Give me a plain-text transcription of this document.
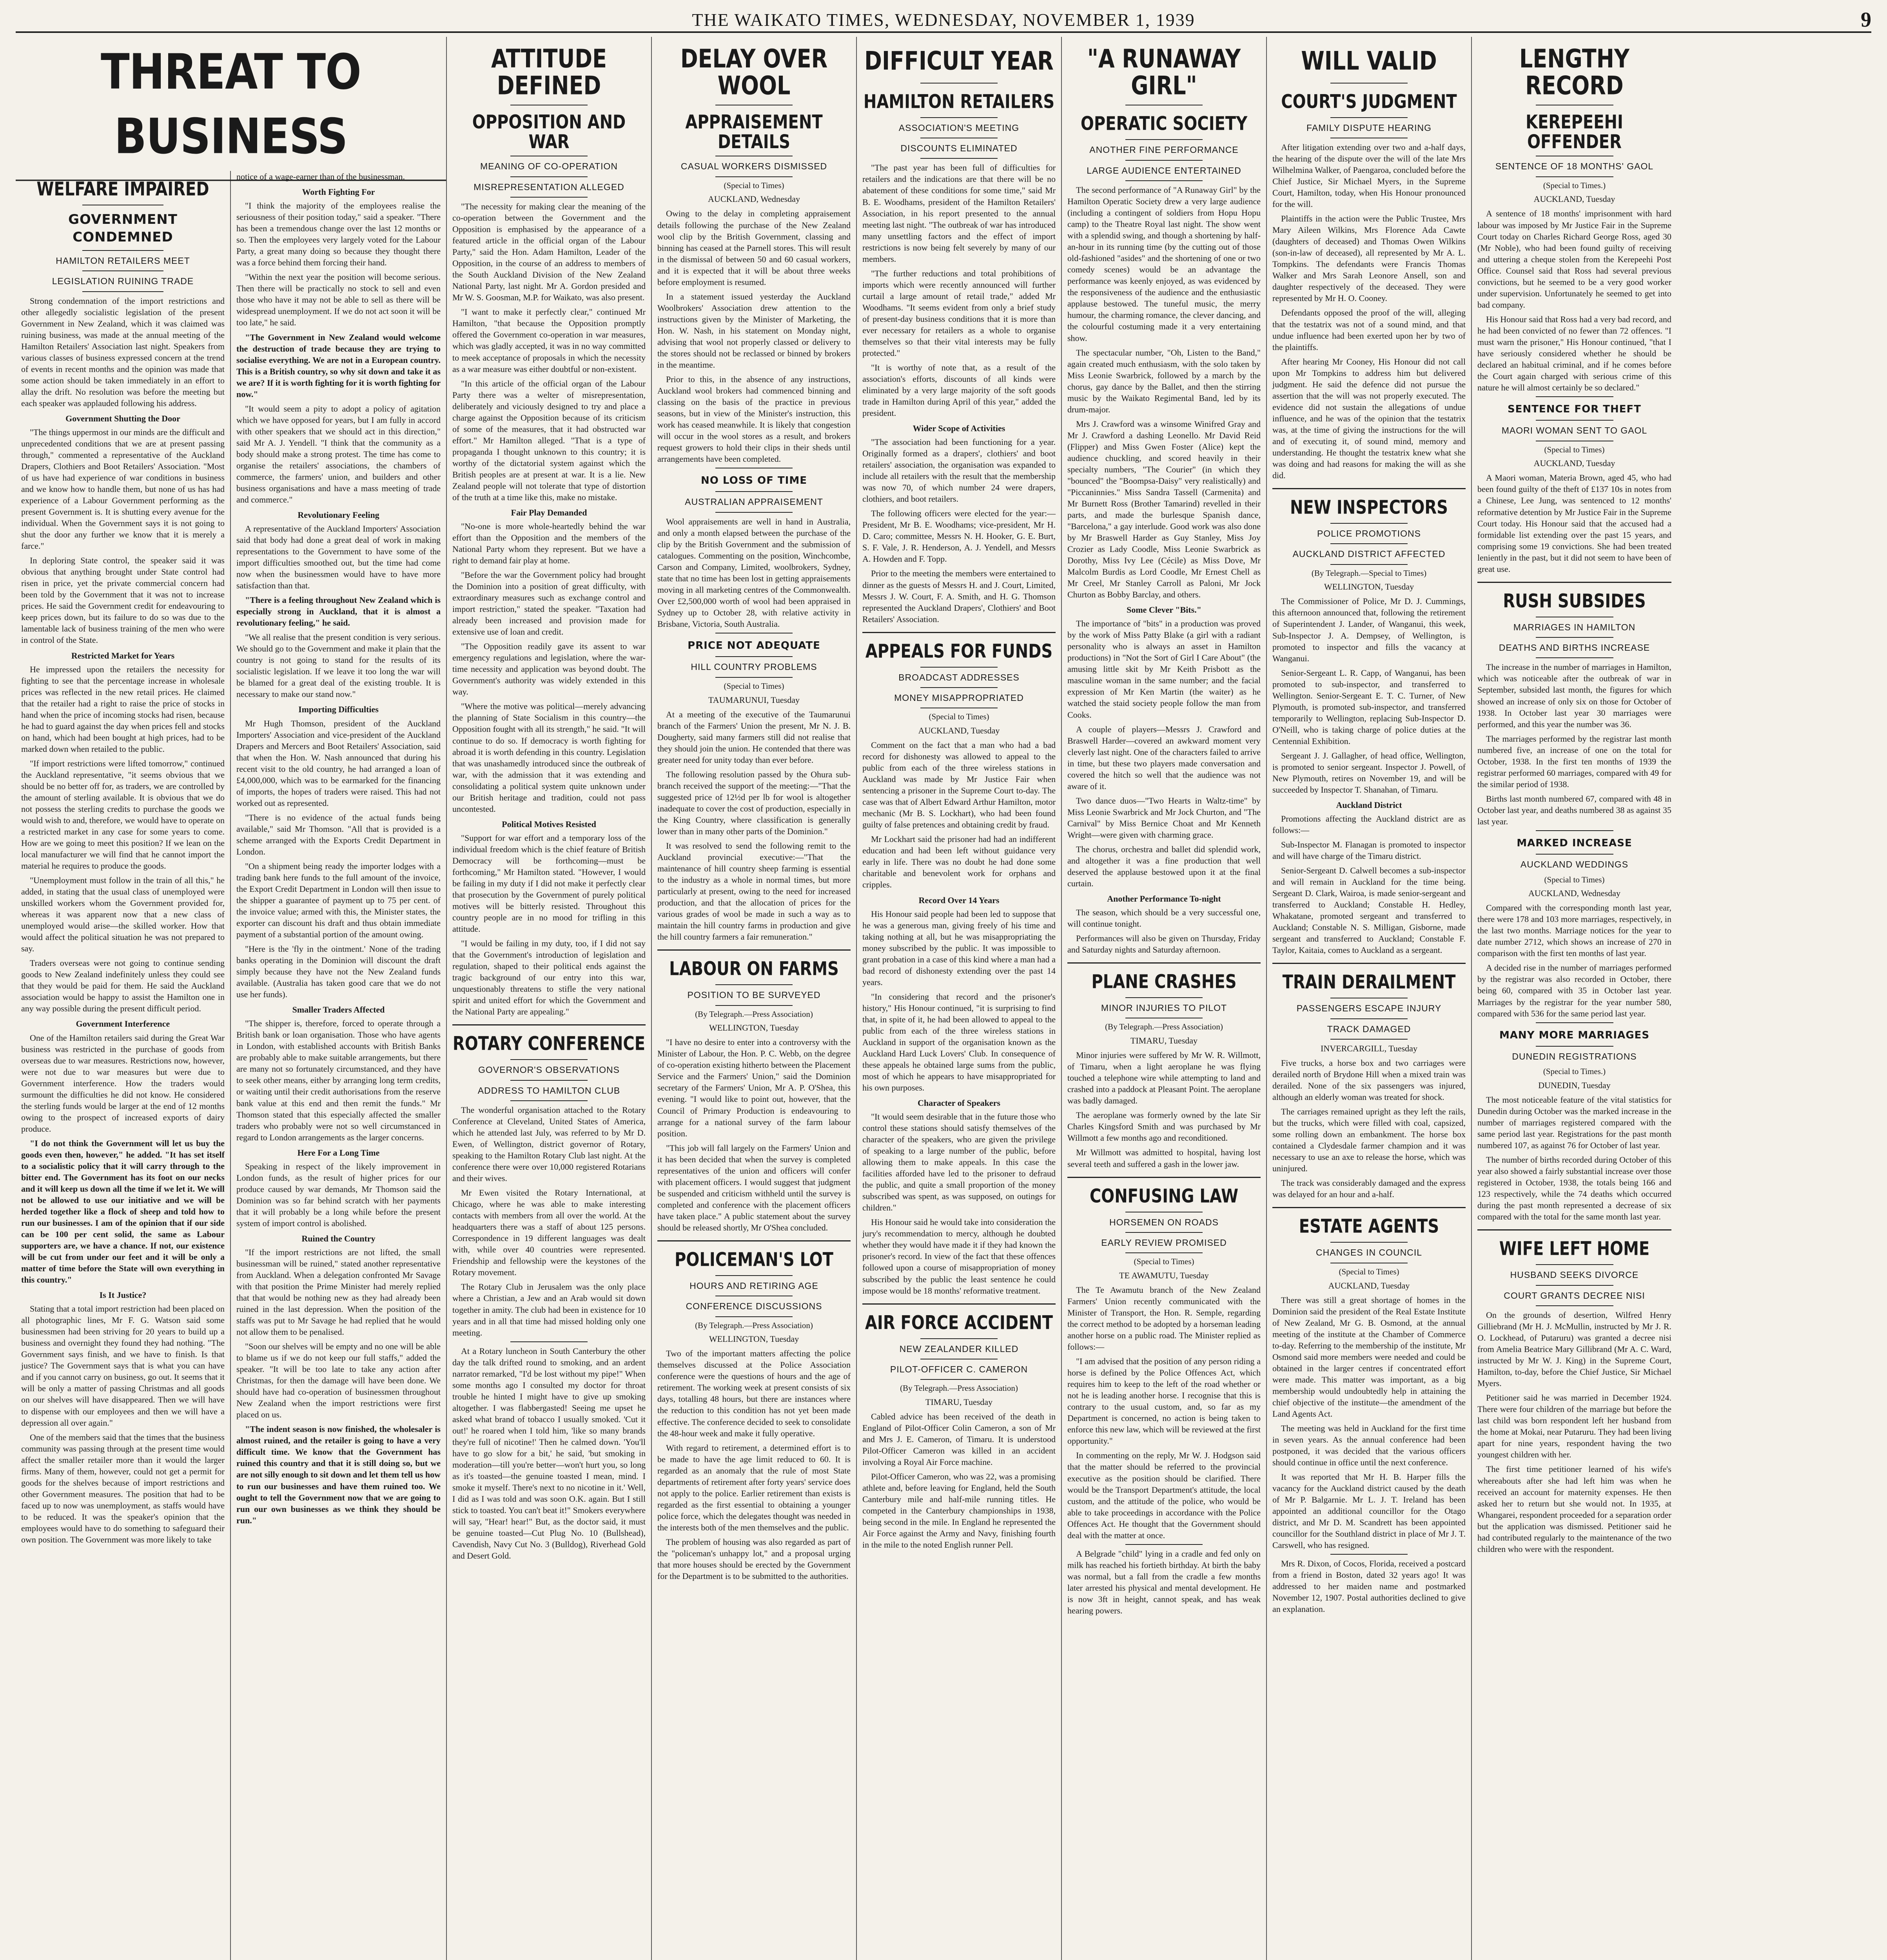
THE WAIKATO TIMES, WEDNESDAY, NOVEMBER 1, 1939	9
THREAT TO BUSINESS
WELFARE IMPAIRED
GOVERNMENT CONDEMNED
HAMILTON RETAILERS MEET
LEGISLATION RUINING TRADE

Strong condemnation of the import restrictions and other allegedly socialistic legislation of the present Government in New Zealand, which it was claimed was ruining business, was made at the annual meeting of the Hamilton Retailers' Association last night. Speakers from various classes of business expressed concern at the trend of events in recent months and the opinion was made that some action should be taken immediately in an effort to allay the drift. No resolution was before the meeting but each speaker was applauded following his address.

Government Shutting the Door

"The things uppermost in our minds are the difficult and unprecedented conditions that we are at present passing through," commented a representative of the Auckland Drapers, Clothiers and Boot Retailers' Association. "Most of us have had experience of war conditions in business and we know how to handle them, but none of us has had experience of a Labour Government performing as the present Government is. It is shutting every avenue for the individual. When the Government says it is not going to shut the door any further we know that it is merely a farce."

In deploring State control, the speaker said it was obvious that anything brought under State control had risen in price, yet the private commercial concern had been told by the Government that it was not to increase prices. He said the Government credit for endeavouring to keep prices down, but its failure to do so was due to the lamentable lack of business training of the men who were in control of the State.

Restricted Market for Years

He impressed upon the retailers the necessity for fighting to see that the percentage increase in wholesale prices was reflected in the new retail prices. He claimed that the retailer had a right to raise the price of stocks in hand when the price of incoming stocks had risen, because he had to guard against the day when prices fell and stocks on hand, which had been bought at high prices, had to be marked down when retailed to the public.

"If import restrictions were lifted tomorrow," continued the Auckland representative, "it seems obvious that we should be no better off for, as traders, we are controlled by the amount of sterling available. It is obvious that we do not possess the sterling credits to purchase the goods we would wish to and, therefore, we would have to operate on a restricted market in any case for some years to come. How are we going to meet this position? If we lean on the local manufacturer we will find that he cannot import the material he requires to produce the goods.

"Unemployment must follow in the train of all this," he added, in stating that the usual class of unemployed were unskilled workers whom the Government provided for, whereas it was apparent now that a new class of unemployed would arise—the skilled worker. How that would affect the political situation he was not prepared to say.

Traders overseas were not going to continue sending goods to New Zealand indefinitely unless they could see that they would be paid for them. He said the Auckland association would be happy to assist the Hamilton one in any way possible during the present difficult period.

Government Interference

One of the Hamilton retailers said during the Great War business was restricted in the purchase of goods from overseas due to war measures. Restrictions now, however, were not due to war measures but were due to Government interference. How the traders would surmount the difficulties he did not know. He considered the sterling funds would be larger at the end of 12 months owing to the prospect of increased exports of dairy produce.

"I do not think the Government will let us buy the goods even then, however," he added. "It has set itself to a socialistic policy that it will carry through to the bitter end. The Government has its foot on our necks and it will keep us down all the time if we let it. We will not be allowed to use our initiative and we will be herded together like a flock of sheep and told how to run our businesses. I am of the opinion that if our side can be 100 per cent solid, the same as Labour supporters are, we have a chance. If not, our existence will be cut from under our feet and it will be only a matter of time before the State will own everything in this country."

Is It Justice?

Stating that a total import restriction had been placed on all photographic lines, Mr F. G. Watson said some businessmen had been striving for 20 years to build up a business and overnight they found they had nothing. "The Government says finish, and we have to finish. Is that justice? The Government says that is what you can have and if you cannot carry on business, go out. It seems that it will be only a matter of passing Christmas and all goods on our shelves will have disappeared. Then we will have to dispense with our employees and then we will have a depression all over again."

One of the members said that the times that the business community was passing through at the present time would affect the smaller retailer more than it would the larger firms. Many of them, however, could not get a permit for goods for the shelves because of import restrictions and other Government measures. The position that had to be faced up to now was unemployment, as staffs would have to be reduced. It was the speaker's opinion that the employees would have to do something to safeguard their own position. The Government was more likely to take

notice of a wage-earner than of the businessman.

Worth Fighting For

"I think the majority of the employees realise the seriousness of their position today," said a speaker. "There has been a tremendous change over the last 12 months or so. Then the employees very largely voted for the Labour Party, a great many doing so because they thought there was a force behind them forcing their hand.

"Within the next year the position will become serious. Then there will be practically no stock to sell and even those who have it may not be able to sell as there will be widespread unemployment. If we do not act soon it will be too late," he said.

"The Government in New Zealand would welcome the destruction of trade because they are trying to socialise everything. We are not in a European country. This is a British country, so why sit down and take it as we are? If it is worth fighting for it is worth fighting for now."

"It would seem a pity to adopt a policy of agitation which we have opposed for years, but I am fully in accord with other speakers that we should act in this direction," said Mr A. J. Yendell. "I think that the community as a body should make a strong protest. The time has come to organise the retailers' associations, the chambers of commerce, the farmers' union, and builders and other business organisations and have a mass meeting of trade and commerce."

Revolutionary Feeling

A representative of the Auckland Importers' Association said that body had done a great deal of work in making representations to the Government to have some of the import difficulties smoothed out, but the time had come now when the businessmen would have to have more satisfaction than that.

"There is a feeling throughout New Zealand which is especially strong in Auckland, that it is almost a revolutionary feeling," he said.

"We all realise that the present condition is very serious. We should go to the Government and make it plain that the country is not going to stand for the results of its socialistic legislation. If we leave it too long the war will be blamed for a great deal of the existing trouble. It is necessary to make our stand now."

Importing Difficulties

Mr Hugh Thomson, president of the Auckland Importers' Association and vice-president of the Auckland Drapers and Mercers and Boot Retailers' Association, said that when the Hon. W. Nash announced that during his recent visit to the old country, he had arranged a loan of £4,000,000, which was to be earmarked for the financing of imports, the hopes of traders were raised. This had not worked out as represented.

"There is no evidence of the actual funds being available," said Mr Thomson. "All that is provided is a scheme arranged with the Exports Credit Department in London.

"On a shipment being ready the importer lodges with a trading bank here funds to the full amount of the invoice, the Export Credit Department in London will then issue to the shipper a guarantee of payment up to 75 per cent. of the invoice value; armed with this, the Minister states, the exporter can discount his draft and thus obtain immediate payment of a substantial portion of the amount owing.

"Here is the 'fly in the ointment.' None of the trading banks operating in the Dominion will discount the draft simply because they have not the New Zealand funds available. (Australia has taken good care that we do not use her funds).

Smaller Traders Affected

"The shipper is, therefore, forced to operate through a British bank or loan organisation. Those who have agents in London, with established accounts with British Banks are probably able to make suitable arrangements, but there are many not so fortunately circumstanced, and they have to seek other means, either by arranging long term credits, or waiting until their credit authorisations from the reserve bank value at this end and then remit the funds." Mr Thomson stated that this especially affected the smaller traders who probably were not so well circumstanced in regard to London arrangements as the larger concerns.

Here For a Long Time

Speaking in respect of the likely improvement in London funds, as the result of higher prices for our produce caused by war demands, Mr Thomson said the Dominion was so far behind scratch with her payments that it will probably be a long while before the present system of import control is abolished.

Ruined the Country

"If the import restrictions are not lifted, the small businessman will be ruined," stated another representative from Auckland. When a delegation confronted Mr Savage with that position the Prime Minister had merely replied that that would be nothing new as they had already been ruined in the last depression. When the position of the staffs was put to Mr Savage he had replied that he would not allow them to be penalised.

"Soon our shelves will be empty and no one will be able to blame us if we do not keep our full staffs," added the speaker. "It will be too late to take any action after Christmas, for then the damage will have been done. We should have had co-operation of businessmen throughout New Zealand when the import restrictions were first placed on us.

"The indent season is now finished, the wholesaler is almost ruined, and the retailer is going to have a very difficult time. We know that the Government has ruined this country and that it is still doing so, but we are not silly enough to sit down and let them tell us how to run our businesses and have them ruined too. We ought to tell the Government now that we are going to run our own businesses as we think they should be run."

ATTITUDE DEFINED
OPPOSITION AND WAR
MEANING OF CO-OPERATION
MISREPRESENTATION ALLEGED

"The necessity for making clear the meaning of the co-operation between the Government and the Opposition is emphasised by the appearance of a featured article in the official organ of the Labour Party," said the Hon. Adam Hamilton, Leader of the Opposition, in the course of an address to members of the South Auckland Division of the New Zealand National Party, last night. Mr A. Gordon presided and Mr W. S. Goosman, M.P. for Waikato, was also present.

"I want to make it perfectly clear," continued Mr Hamilton, "that because the Opposition promptly offered the Government co-operation in war measures, which was gladly accepted, it was in no way committed to meek acceptance of proposals in which the necessity as a war measure was either doubtful or non-existent.

"In this article of the official organ of the Labour Party there was a welter of misrepresentation, deliberately and viciously designed to try and place a charge against the Opposition because of its criticism of some of the measures, that it had obstructed war effort." Mr Hamilton alleged. "That is a type of propaganda I thought unknown to this country; it is worthy of the dictatorial system against which the British peoples are at present at war. It is a lie. New Zealand people will not tolerate that type of distortion of the truth at a time like this, make no mistake.

Fair Play Demanded

"No-one is more whole-heartedly behind the war effort than the Opposition and the members of the National Party whom they represent. But we have a right to demand fair play at home.

"Before the war the Government policy had brought the Dominion into a position of great difficulty, with extraordinary measures such as exchange control and import restriction," stated the speaker. "Taxation had already been increased and provision made for extensive use of loan and credit.

"The Opposition readily gave its assent to war emergency regulations and legislation, where the war-time necessity and application was beyond doubt. The Government's authority was widely extended in this way.

"Where the motive was political—merely advancing the planning of State Socialism in this country—the Opposition fought with all its strength," he said. "It will continue to do so. If democracy is worth fighting for abroad it is worth defending in this country. Legislation that was unashamedly introduced since the outbreak of war, with the admission that it was extending and consolidating a political system quite unknown under our British heritage and tradition, could not pass uncontested.

Political Motives Resisted

"Support for war effort and a temporary loss of the individual freedom which is the chief feature of British Democracy will be forthcoming—must be forthcoming," Mr Hamilton stated. "However, I would be failing in my duty if I did not make it perfectly clear that prosecution by the Government of purely political motives will be bitterly resisted. Throughout this country people are in no mood for trifling in this attitude.

"I would be failing in my duty, too, if I did not say that the Government's introduction of legislation and regulation, shaped to their political ends against the tragic background of our entry into this war, unquestionably threatens to stifle the very national spirit and united effort for which the Government and the National Party are appealing."

ROTARY CONFERENCE
GOVERNOR'S OBSERVATIONS
ADDRESS TO HAMILTON CLUB

The wonderful organisation attached to the Rotary Conference at Cleveland, United States of America, which he attended last July, was referred to by Mr D. Ewen, of Wellington, district governor of Rotary, speaking to the Hamilton Rotary Club last night. At the conference there were over 10,000 registered Rotarians and their wives.

Mr Ewen visited the Rotary International, at Chicago, where he was able to make interesting contacts with members from all over the world. At the headquarters there was a staff of about 125 persons. Correspondence in 19 different languages was dealt with, while over 40 countries were represented. Friendship and fellowship were the keystones of the Rotary movement.

The Rotary Club in Jerusalem was the only place where a Christian, a Jew and an Arab would sit down together in amity. The club had been in existence for 10 years and in all that time had missed holding only one meeting.

At a Rotary luncheon in South Canterbury the other day the talk drifted round to smoking, and an ardent narrator remarked, "I'd be lost without my pipe!" When some months ago I consulted my doctor for throat trouble he hinted I might have to give up smoking altogether. I was flabbergasted! Seeing me upset he asked what brand of tobacco I usually smoked. 'Cut it out!' he roared when I told him, 'like so many brands they're full of nicotine!' Then he calmed down. 'You'll have to go slow for a bit,' he said, 'but smoking in moderation—till you're better—won't hurt you, so long as it's toasted—the genuine toasted I mean, mind. I smoke it myself. There's next to no nicotine in it.' Well, I did as I was told and was soon O.K. again. But I still stick to toasted. You can't beat it!" Smokers everywhere will say, "Hear! hear!" But, as the doctor said, it must be genuine toasted—Cut Plug No. 10 (Bullshead), Cavendish, Navy Cut No. 3 (Bulldog), Riverhead Gold and Desert Gold.

DELAY OVER WOOL
APPRAISEMENT DETAILS
CASUAL WORKERS DISMISSED
(Special to Times)
AUCKLAND, Wednesday

Owing to the delay in completing appraisement details following the purchase of the New Zealand wool clip by the British Government, classing and binning has ceased at the Parnell stores. This will result in the dismissal of between 50 and 60 casual workers, and it is expected that it will be about three weeks before employment is resumed.

In a statement issued yesterday the Auckland Woolbrokers' Association drew attention to the instructions given by the Minister of Marketing, the Hon. W. Nash, in his statement on Monday night, advising that wool not properly classed or delivery to the stores should not be reclassed or binned by brokers in the meantime.

Prior to this, in the absence of any instructions, Auckland wool brokers had commenced binning and classing on the basis of the practice in previous seasons, but in view of the Minister's instruction, this work has ceased meanwhile. It is likely that congestion will occur in the wool stores as a result, and brokers request growers to hold their clips in their sheds until arrangements have been completed.

NO LOSS OF TIME
AUSTRALIAN APPRAISEMENT

Wool appraisements are well in hand in Australia, and only a month elapsed between the purchase of the clip by the British Government and the submission of catalogues. Commenting on the position, Winchcombe, Carson and Company, Limited, woolbrokers, Sydney, state that no time has been lost in getting appraisements moving in all marketing centres of the Commonwealth. Over £2,500,000 worth of wool had been appraised in Sydney up to October 28, with relative activity in Brisbane, Victoria, South Australia.

PRICE NOT ADEQUATE
HILL COUNTRY PROBLEMS
(Special to Times)
TAUMARUNUI, Tuesday

At a meeting of the executive of the Taumarunui branch of the Farmers' Union the present, Mr N. J. B. Dougherty, said many farmers still did not realise that they should join the union. He contended that there was greater need for unity today than ever before.

The following resolution passed by the Ohura sub-branch received the support of the meeting:—"That the suggested price of 12½d per lb for wool is altogether inadequate to cover the cost of production, especially in the King Country, where classification is generally lower than in many other parts of the Dominion."

It was resolved to send the following remit to the Auckland provincial executive:—"That the maintenance of hill country sheep farming is essential to the industry as a whole in normal times, but more particularly at present, owing to the need for increased production, and that the allocation of prices for the various grades of wool be made in such a way as to maintain the hill country farms in production and give the hill country farmers a fair remuneration."

LABOUR ON FARMS
POSITION TO BE SURVEYED
(By Telegraph.—Press Association)
WELLINGTON, Tuesday

"I have no desire to enter into a controversy with the Minister of Labour, the Hon. P. C. Webb, on the degree of co-operation existing hitherto between the Placement Service and the Farmers' Union," said the Dominion secretary of the Farmers' Union, Mr A. P. O'Shea, this evening. "I would like to point out, however, that the Council of Primary Production is endeavouring to arrange for a national survey of the farm labour position.

"This job will fall largely on the Farmers' Union and it has been decided that when the survey is completed representatives of the union and officers will confer with placement officers. I would suggest that judgment be suspended and criticism withheld until the survey is completed and conference with the placement officers have taken place." A public statement about the survey should be released shortly, Mr O'Shea concluded.

POLICEMAN'S LOT
HOURS AND RETIRING AGE
CONFERENCE DISCUSSIONS
(By Telegraph.—Press Association)
WELLINGTON, Tuesday

Two of the important matters affecting the police themselves discussed at the Police Association conference were the questions of hours and the age of retirement. The working week at present consists of six days, totalling 48 hours, but there are instances where the reduction to this condition has not yet been made effective. The conference decided to seek to consolidate the 48-hour week and make it fully operative.

With regard to retirement, a determined effort is to be made to have the age limit reduced to 60. It is regarded as an anomaly that the rule of most State departments of retirement after forty years' service does not apply to the police. Earlier retirement than exists is regarded as the first essential to obtaining a younger police force, which the delegates thought was needed in the interests both of the men themselves and the public.

The problem of housing was also regarded as part of the "policeman's unhappy lot," and a proposal urging that more houses should be erected by the Government for the Department is to be submitted to the authorities.

DIFFICULT YEAR
HAMILTON RETAILERS
ASSOCIATION'S MEETING
DISCOUNTS ELIMINATED

"The past year has been full of difficulties for retailers and the indications are that there will be no abatement of these conditions for some time," said Mr B. E. Woodhams, president of the Hamilton Retailers' Association, in his report presented to the annual meeting last night. "The outbreak of war has introduced many unsettling factors and the effect of import restrictions is now being felt severely by many of our members.

"The further reductions and total prohibitions of imports which were recently announced will further curtail a large amount of retail trade," added Mr Woodhams. "It seems evident from only a brief study of present-day business conditions that it is more than ever necessary for retailers as a whole to organise themselves so that their vital interests may be fully protected."

"It is worthy of note that, as a result of the association's efforts, discounts of all kinds were eliminated by a very large majority of the soft goods trade in Hamilton during April of this year," added the president.

Wider Scope of Activities

"The association had been functioning for a year. Originally formed as a drapers', clothiers' and boot retailers' association, the organisation was expanded to include all retailers with the result that the membership was now 70, of which number 24 were drapers, clothiers, and boot retailers.

The following officers were elected for the year:—President, Mr B. E. Woodhams; vice-president, Mr H. D. Caro; committee, Messrs N. H. Hooker, G. E. Burt, S. F. Vale, J. R. Henderson, A. J. Yendell, and Messrs A. Howden and F. Topp.

Prior to the meeting the members were entertained to dinner as the guests of Messrs H. and J. Court, Limited, Messrs J. W. Court, F. A. Smith, and H. G. Thomson represented the Auckland Drapers', Clothiers' and Boot Retailers' Association.

APPEALS FOR FUNDS
BROADCAST ADDRESSES
MONEY MISAPPROPRIATED
(Special to Times)
AUCKLAND, Tuesday

Comment on the fact that a man who had a bad record for dishonesty was allowed to appeal to the public from each of the three wireless stations in Auckland was made by Mr Justice Fair when sentencing a prisoner in the Supreme Court to-day. The case was that of Albert Edward Arthur Hamilton, motor mechanic (Mr B. S. Lockhart), who had been found guilty of false pretences and obtaining credit by fraud.

Mr Lockhart said the prisoner had had an indifferent education and had been left without guidance very early in life. There was no doubt he had done some charitable and benevolent work for orphans and cripples.

Record Over 14 Years

His Honour said people had been led to suppose that he was a generous man, giving freely of his time and taking nothing at all, but he was misappropriating the money subscribed by the public. It was impossible to grant probation in a case of this kind where a man had a bad record of dishonesty extending over the past 14 years.

"In considering that record and the prisoner's history," His Honour continued, "it is surprising to find that, in spite of it, he had been allowed to appeal to the public from each of the three wireless stations in Auckland in support of the organisation known as the Auckland Hard Luck Lovers' Club. In consequence of these appeals he obtained large sums from the public, most of which he appears to have misappropriated for his own purposes.

Character of Speakers

"It would seem desirable that in the future those who control these stations should satisfy themselves of the character of the speakers, who are given the privilege of speaking to a large number of the public, before allowing them to make appeals. In this case the facilities afforded have led to the prisoner to defraud the public, and quite a small proportion of the money subscribed was spent, as was supposed, on outings for children."

His Honour said he would take into consideration the jury's recommendation to mercy, although he doubted whether they would have made it if they had known the prisoner's record. In view of the fact that these offences followed upon a course of misappropriation of money subscribed by the public the least sentence he could impose would be 18 months' reformative treatment.

AIR FORCE ACCIDENT
NEW ZEALANDER KILLED
PILOT-OFFICER C. CAMERON
(By Telegraph.—Press Association)
TIMARU, Tuesday

Cabled advice has been received of the death in England of Pilot-Officer Colin Cameron, a son of Mr and Mrs J. E. Cameron, of Timaru. It is understood Pilot-Officer Cameron was killed in an accident involving a Royal Air Force machine.

Pilot-Officer Cameron, who was 22, was a promising athlete and, before leaving for England, held the South Canterbury mile and half-mile running titles. He competed in the Canterbury championships in 1938, being second in the mile. In England he represented the Air Force against the Army and Navy, finishing fourth in the mile to the noted English runner Pell.

"A RUNAWAY GIRL"
OPERATIC SOCIETY
ANOTHER FINE PERFORMANCE
LARGE AUDIENCE ENTERTAINED

The second performance of "A Runaway Girl" by the Hamilton Operatic Society drew a very large audience (including a contingent of soldiers from Hopu Hopu camp) to the Theatre Royal last night. The show went with a splendid swing, and though a shortening by half-an-hour in its running time (by the cutting out of those old-fashioned "asides" and the shortening of one or two comedy scenes) would be an advantage the performance was keenly enjoyed, as was evidenced by the responsiveness of the audience and the enthusiastic applause bestowed. The tuneful music, the merry humour, the charming romance, the clever dancing, and the colourful costuming made it a very entertaining show.

The spectacular number, "Oh, Listen to the Band," again created much enthusiasm, with the solo taken by Miss Leonie Swarbrick, followed by a march by the chorus, gay dance by the Ballet, and then the stirring music by the Waikato Regimental Band, led by its drum-major.

Mrs J. Crawford was a winsome Winifred Gray and Mr J. Crawford a dashing Leonello. Mr David Reid (Flipper) and Miss Gwen Foster (Alice) kept the audience chuckling, and scored heavily in their specialty numbers, "The Courier" (in which they "bounced" the "Boompsa-Daisy" very realistically) and "Piccaninnies." Miss Sandra Tassell (Carmenita) and Mr Burnett Ross (Brother Tamarind) revelled in their parts, and made the burlesque Spanish dance, "Barcelona," a gay interlude. Good work was also done by Mr Braswell Harder as Guy Stanley, Miss Joy Crozier as Lady Coodle, Miss Leonie Swarbrick as Dorothy, Miss Ivy Lee (Cécile) as Miss Dove, Mr Malcolm Burdis as Lord Coodle, Mr Ernest Chell as Mr Creel, Mr Stanley Carroll as Paloni, Mr Jock Churton as Bobby Barclay, and others.

Some Clever "Bits."

The importance of "bits" in a production was proved by the work of Miss Patty Blake (a girl with a radiant personality who is always an asset in Hamilton productions) in "Not the Sort of Girl I Care About" (the amusing little skit by Mr Keith Prisbott as the masculine woman in the same number; and the facial expression of Mr Ken Martin (the waiter) as he watched the staid society people follow the man from Cooks.

A couple of players—Messrs J. Crawford and Braswell Harder—covered an awkward moment very cleverly last night. One of the characters failed to arrive in time, but these two players made conversation and covered the hitch so well that the audience was not aware of it.

Two dance duos—"Two Hearts in Waltz-time" by Miss Leonie Swarbrick and Mr Jock Churton, and "The Carnival" by Miss Bernice Choat and Mr Kenneth Wright—were given with charming grace.

The chorus, orchestra and ballet did splendid work, and altogether it was a fine production that well deserved the applause bestowed upon it at the final curtain.

Another Performance To-night

The season, which should be a very successful one, will continue tonight.

Performances will also be given on Thursday, Friday and Saturday nights and Saturday afternoon.

PLANE CRASHES
MINOR INJURIES TO PILOT
(By Telegraph.—Press Association)
TIMARU, Tuesday

Minor injuries were suffered by Mr W. R. Willmott, of Timaru, when a light aeroplane he was flying touched a telephone wire while attempting to land and crashed into a paddock at Pleasant Point. The aeroplane was badly damaged.

The aeroplane was formerly owned by the late Sir Charles Kingsford Smith and was purchased by Mr Willmott a few months ago and reconditioned.

Mr Willmott was admitted to hospital, having lost several teeth and suffered a gash in the lower jaw.

CONFUSING LAW
HORSEMEN ON ROADS
EARLY REVIEW PROMISED
(Special to Times)
TE AWAMUTU, Tuesday

The Te Awamutu branch of the New Zealand Farmers' Union recently communicated with the Minister of Transport, the Hon. R. Semple, regarding the correct method to be adopted by a horseman leading another horse on a public road. The Minister replied as follows:—

"I am advised that the position of any person riding a horse is defined by the Police Offences Act, which requires him to keep to the left of the road whether or not he is leading another horse. I recognise that this is contrary to the usual custom, and, so far as my Department is concerned, no action is being taken to enforce this new law, which will be reviewed at the first opportunity."

In commenting on the reply, Mr W. J. Hodgson said that the matter should be referred to the provincial executive as the position should be clarified. There would be the Transport Department's attitude, the local custom, and the attitude of the police, who would be able to take proceedings in accordance with the Police Offences Act. He thought that the Government should deal with the matter at once.

A Belgrade "child" lying in a cradle and fed only on milk has reached his fortieth birthday. At birth the baby was normal, but a fall from the cradle a few months later arrested his physical and mental development. He is now 3ft in height, cannot speak, and has weak hearing powers.

WILL VALID
COURT'S JUDGMENT
FAMILY DISPUTE HEARING

After litigation extending over two and a-half days, the hearing of the dispute over the will of the late Mrs Wilhelmina Walker, of Paengaroa, concluded before the Chief Justice, Sir Michael Myers, in the Supreme Court, Hamilton, today, when His Honour pronounced for the will.

Plaintiffs in the action were the Public Trustee, Mrs Mary Aileen Wilkins, Mrs Florence Ada Cawte (daughters of deceased) and Thomas Owen Wilkins (son-in-law of deceased), all represented by Mr A. L. Tompkins. The defendants were Francis Thomas Walker and Mrs Sarah Leonore Ansell, son and daughter respectively of the deceased. They were represented by Mr H. O. Cooney.

Defendants opposed the proof of the will, alleging that the testatrix was not of a sound mind, and that undue influence had been exerted upon her by two of the plaintiffs.

After hearing Mr Cooney, His Honour did not call upon Mr Tompkins to address him but delivered judgment. He said the defence did not pursue the assertion that the will was not properly executed. The evidence did not sustain the allegations of undue influence, and he was of the opinion that the testatrix was, at the time of giving the instructions for the will and of executing it, of sound mind, memory and understanding. He thought the testatrix knew what she was doing and had reasons for making the will as she did.

NEW INSPECTORS
POLICE PROMOTIONS
AUCKLAND DISTRICT AFFECTED
(By Telegraph.—Special to Times)
WELLINGTON, Tuesday

The Commissioner of Police, Mr D. J. Cummings, this afternoon announced that, following the retirement of Superintendent J. Lander, of Wanganui, this week, Sub-Inspector J. A. Dempsey, of Wellington, is promoted to inspector and fills the vacancy at Wanganui.

Senior-Sergeant L. R. Capp, of Wanganui, has been promoted to sub-inspector, and transferred to Wellington. Senior-Sergeant E. T. C. Turner, of New Plymouth, is promoted sub-inspector, and transferred temporarily to Wellington, replacing Sub-Inspector D. O'Neill, who is taking charge of police duties at the Centennial Exhibition.

Sergeant J. J. Gallagher, of head office, Wellington, is promoted to senior sergeant. Inspector J. Powell, of New Plymouth, retires on November 19, and will be succeeded by Inspector T. Shanahan, of Timaru.

Auckland District

Promotions affecting the Auckland district are as follows:—

Sub-Inspector M. Flanagan is promoted to inspector and will have charge of the Timaru district.

Senior-Sergeant D. Calwell becomes a sub-inspector and will remain in Auckland for the time being. Sergeant D. Clark, Wairoa, is made senior-sergeant and transferred to Auckland; Constable H. Hedley, Whakatane, promoted sergeant and transferred to Auckland; Constable N. S. Milligan, Gisborne, made sergeant and transferred to Auckland; Constable F. Taylor, Kaitaia, comes to Auckland as a sergeant.

TRAIN DERAILMENT
PASSENGERS ESCAPE INJURY
TRACK DAMAGED
INVERCARGILL, Tuesday

Five trucks, a horse box and two carriages were derailed north of Brydone Hill when a mixed train was derailed. None of the six passengers was injured, although an elderly woman was treated for shock.

The carriages remained upright as they left the rails, but the trucks, which were filled with coal, capsized, some rolling down an embankment. The horse box contained a Clydesdale farmer champion and it was necessary to use an axe to release the horse, which was uninjured.

The track was considerably damaged and the express was delayed for an hour and a-half.

ESTATE AGENTS
CHANGES IN COUNCIL
(Special to Times)
AUCKLAND, Tuesday

There was still a great shortage of homes in the Dominion said the president of the Real Estate Institute of New Zealand, Mr G. B. Osmond, at the annual meeting of the institute at the Chamber of Commerce to-day. Referring to the membership of the institute, Mr Osmond said more members were needed and could be obtained in the larger centres if concentrated effort were made. This matter was important, as a big membership would undoubtedly help in attaining the chief objective of the institute—the amendment of the Land Agents Act.

The meeting was held in Auckland for the first time in seven years. As the annual conference had been postponed, it was decided that the various officers should continue in office until the next conference.

It was reported that Mr H. B. Harper fills the vacancy for the Auckland district caused by the death of Mr P. Balgarnie. Mr L. J. T. Ireland has been appointed an additional councillor for the Otago district, and Mr D. M. Scandrett has been appointed councillor for the Southland district in place of Mr J. T. Carswell, who has resigned.

Mrs R. Dixon, of Cocos, Florida, received a postcard from a friend in Boston, dated 32 years ago! It was addressed to her maiden name and postmarked November 12, 1907. Postal authorities declined to give an explanation.

LENGTHY RECORD
KEREPEEHI OFFENDER
SENTENCE OF 18 MONTHS' GAOL
(Special to Times.)
AUCKLAND, Tuesday

A sentence of 18 months' imprisonment with hard labour was imposed by Mr Justice Fair in the Supreme Court today on Charles Richard George Ross, aged 30 (Mr Noble), who had been found guilty of receiving and uttering a cheque stolen from the Kerepeehi Post Office. Counsel said that Ross had several previous convictions, but he seemed to be a very good worker under supervision. Unfortunately he seemed to get into bad company.

His Honour said that Ross had a very bad record, and he had been convicted of no fewer than 72 offences. "I must warn the prisoner," His Honour continued, "that I have seriously considered whether he should be declared an habitual criminal, and if he comes before the Court again charged with serious crime of this nature he will almost certainly be so declared."

SENTENCE FOR THEFT
MAORI WOMAN SENT TO GAOL
(Special to Times)
AUCKLAND, Tuesday

A Maori woman, Materia Brown, aged 45, who had been found guilty of the theft of £137 10s in notes from a Chinese, Lee Jung, was sentenced to 12 months' reformative detention by Mr Justice Fair in the Supreme Court today. His Honour said that the accused had a formidable list extending over the past 15 years, and comprising some 19 convictions. She had been treated leniently in the past, but it did not seem to have been of great use.

RUSH SUBSIDES
MARRIAGES IN HAMILTON
DEATHS AND BIRTHS INCREASE

The increase in the number of marriages in Hamilton, which was noticeable after the outbreak of war in September, subsided last month, the figures for which showed an increase of only six on those for October of 1938. In October last year 30 marriages were performed, and this year the number was 36.

The marriages performed by the registrar last month numbered five, an increase of one on the total for October, 1938. In the first ten months of 1939 the registrar performed 60 marriages, compared with 49 for the similar period of 1938.

Births last month numbered 67, compared with 48 in October last year, and deaths numbered 38 as against 35 last year.

MARKED INCREASE
AUCKLAND WEDDINGS
(Special to Times)
AUCKLAND, Wednesday

Compared with the corresponding month last year, there were 178 and 103 more marriages, respectively, in the last two months. Marriage notices for the year to date number 2712, which shows an increase of 270 in comparison with the first ten months of last year.

A decided rise in the number of marriages performed by the registrar was also recorded in October, there being 60, compared with 35 in October last year. Marriages by the registrar for the year number 580, compared with 536 for the same period last year.

MANY MORE MARRIAGES
DUNEDIN REGISTRATIONS
(Special to Times.)
DUNEDIN, Tuesday

The most noticeable feature of the vital statistics for Dunedin during October was the marked increase in the number of marriages registered compared with the same period last year. Registrations for the past month numbered 107, as against 76 for October of last year.

The number of births recorded during October of this year also showed a fairly substantial increase over those registered in October, 1938, the totals being 166 and 123 respectively, while the 74 deaths which occurred during the past month represented a decrease of six compared with the total for the same month last year.

WIFE LEFT HOME
HUSBAND SEEKS DIVORCE
COURT GRANTS DECREE NISI

On the grounds of desertion, Wilfred Henry Gilliebrand (Mr H. J. McMullin, instructed by Mr J. R. O. Lockhead, of Putaruru) was granted a decree nisi from Amelia Beatrice Mary Gillibrand (Mr A. C. Ward, instructed by Mr W. J. King) in the Supreme Court, Hamilton, to-day, before the Chief Justice, Sir Michael Myers.

Petitioner said he was married in December 1924. There were four children of the marriage but before the last child was born respondent left her husband from the home at Mokai, near Putaruru. They had been living apart for nine years, respondent having the two youngest children with her.

The first time petitioner learned of his wife's whereabouts after she had left him was when he received an account for maternity expenses. He then asked her to return but she would not. In 1935, at Whangarei, respondent proceeded for a separation order but the application was dismissed. Petitioner said he had contributed regularly to the maintenance of the two children who were with the respondent.
